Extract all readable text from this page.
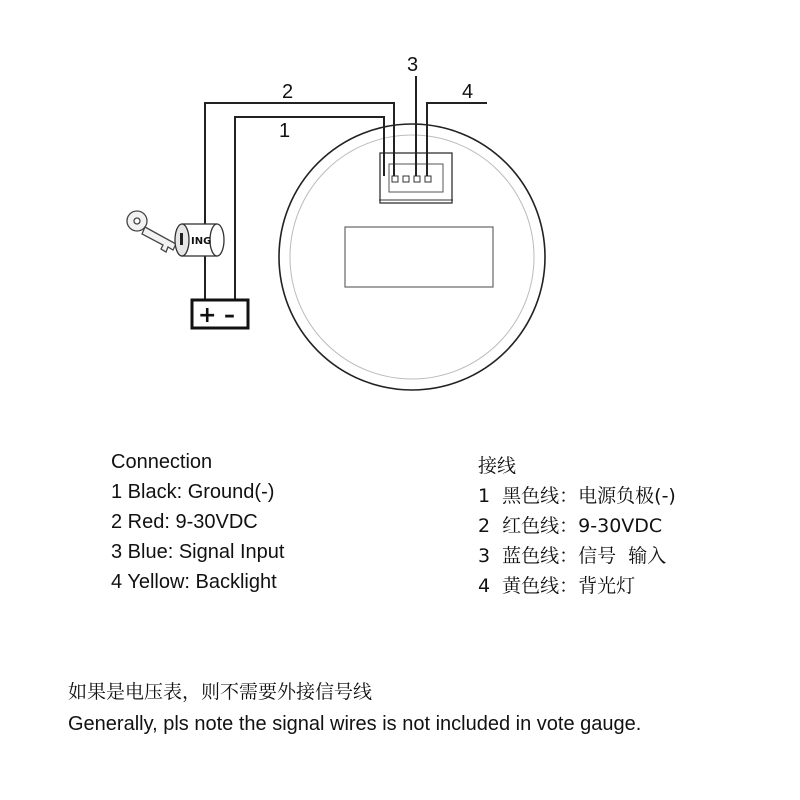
1
2
3
4
ING
+ –
Connection
1 Black: Ground(-)
2 Red: 9-30VDC
3 Blue: Signal Input
4 Yellow: Backlight
接线
1  黑色线：电源负极(-)
2  红色线：9-30VDC
3  蓝色线：信号  输入
4  黄色线：背光灯
如果是电压表，则不需要外接信号线
Generally, pls note the signal wires is not included in vote gauge.
